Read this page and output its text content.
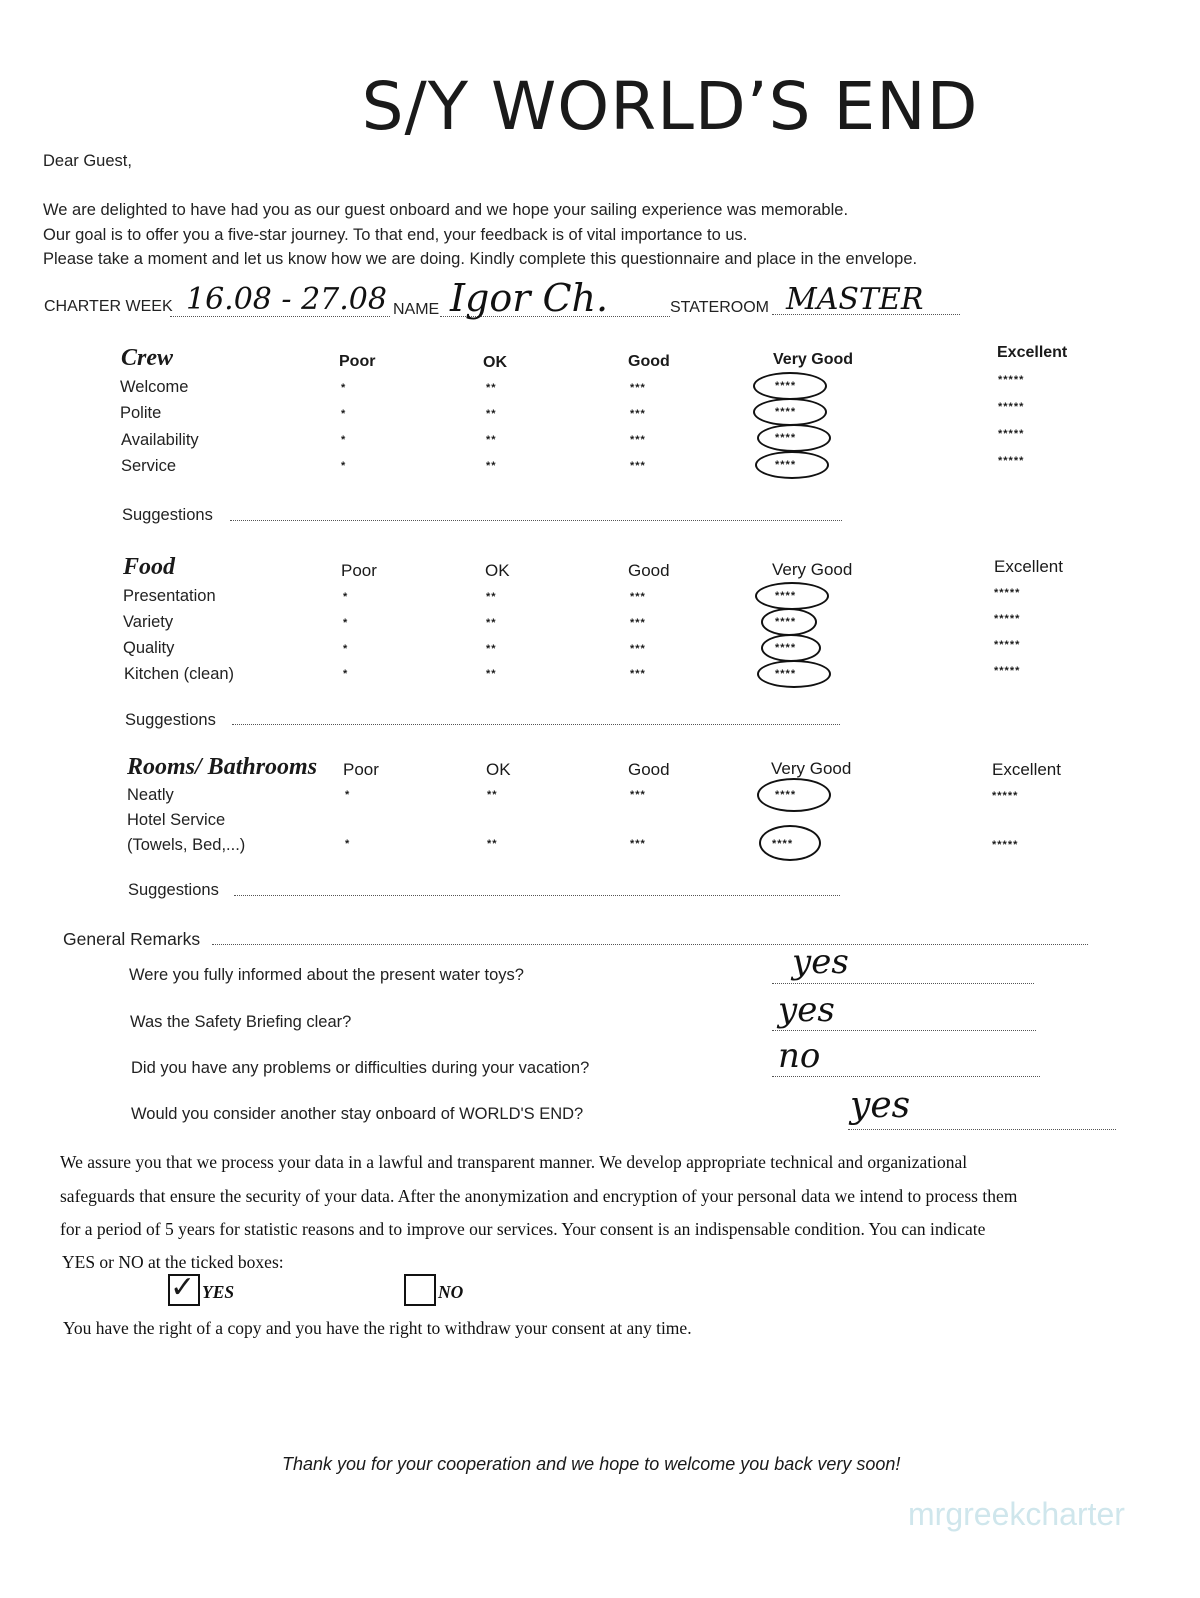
S/Y WORLD’S END
Dear Guest,
We are delighted to have had you as our guest onboard and we hope your sailing experience was memorable.
Our goal is to offer you a five-star journey. To that end, your feedback is of vital importance to us.
Please take a moment and let us know how we are doing. Kindly complete this questionnaire and place in the envelope.
CHARTER WEEK 16.08 - 27.08 NAME Igor Ch.	STATEROOM MASTER
Crew	Poor	OK	Good	Very Good	Excellent
Welcome	*	**	***	****	*****
Polite	*	**	***	****	*****
Availability	*	**	***	****	*****
Service	*	**	***	****	*****
Suggestions
Food	Poor	OK	Good	Very Good	Excellent
Presentation	*	**	***	****	*****
Variety	*	**	***	****	*****
Quality	*	**	***	****	*****
Kitchen (clean)	*	**	***	****	*****
Suggestions
Rooms/ Bathrooms Poor	OK	Good	Very Good	Excellent
Neatly	*	**	***	****	*****
Hotel Service
(Towels, Bed,...)	*	**	***	****	*****
Suggestions
General Remarks
Were you fully informed about the present water toys?	yes
Was the Safety Briefing clear?	yes
Did you have any problems or difficulties during your vacation?	no
Would you consider another stay onboard of WORLD'S END?	yes
We assure you that we process your data in a lawful and transparent manner. We develop appropriate technical and organizational
safeguards that ensure the security of your data. After the anonymization and encryption of your personal data we intend to process them
for a period of 5 years for statistic reasons and to improve our services. Your consent is an indispensable condition. You can indicate
YES or NO at the ticked boxes:
✓ YES	NO
You have the right of a copy and you have the right to withdraw your consent at any time.
Thank you for your cooperation and we hope to welcome you back very soon!
mrgreekcharter
